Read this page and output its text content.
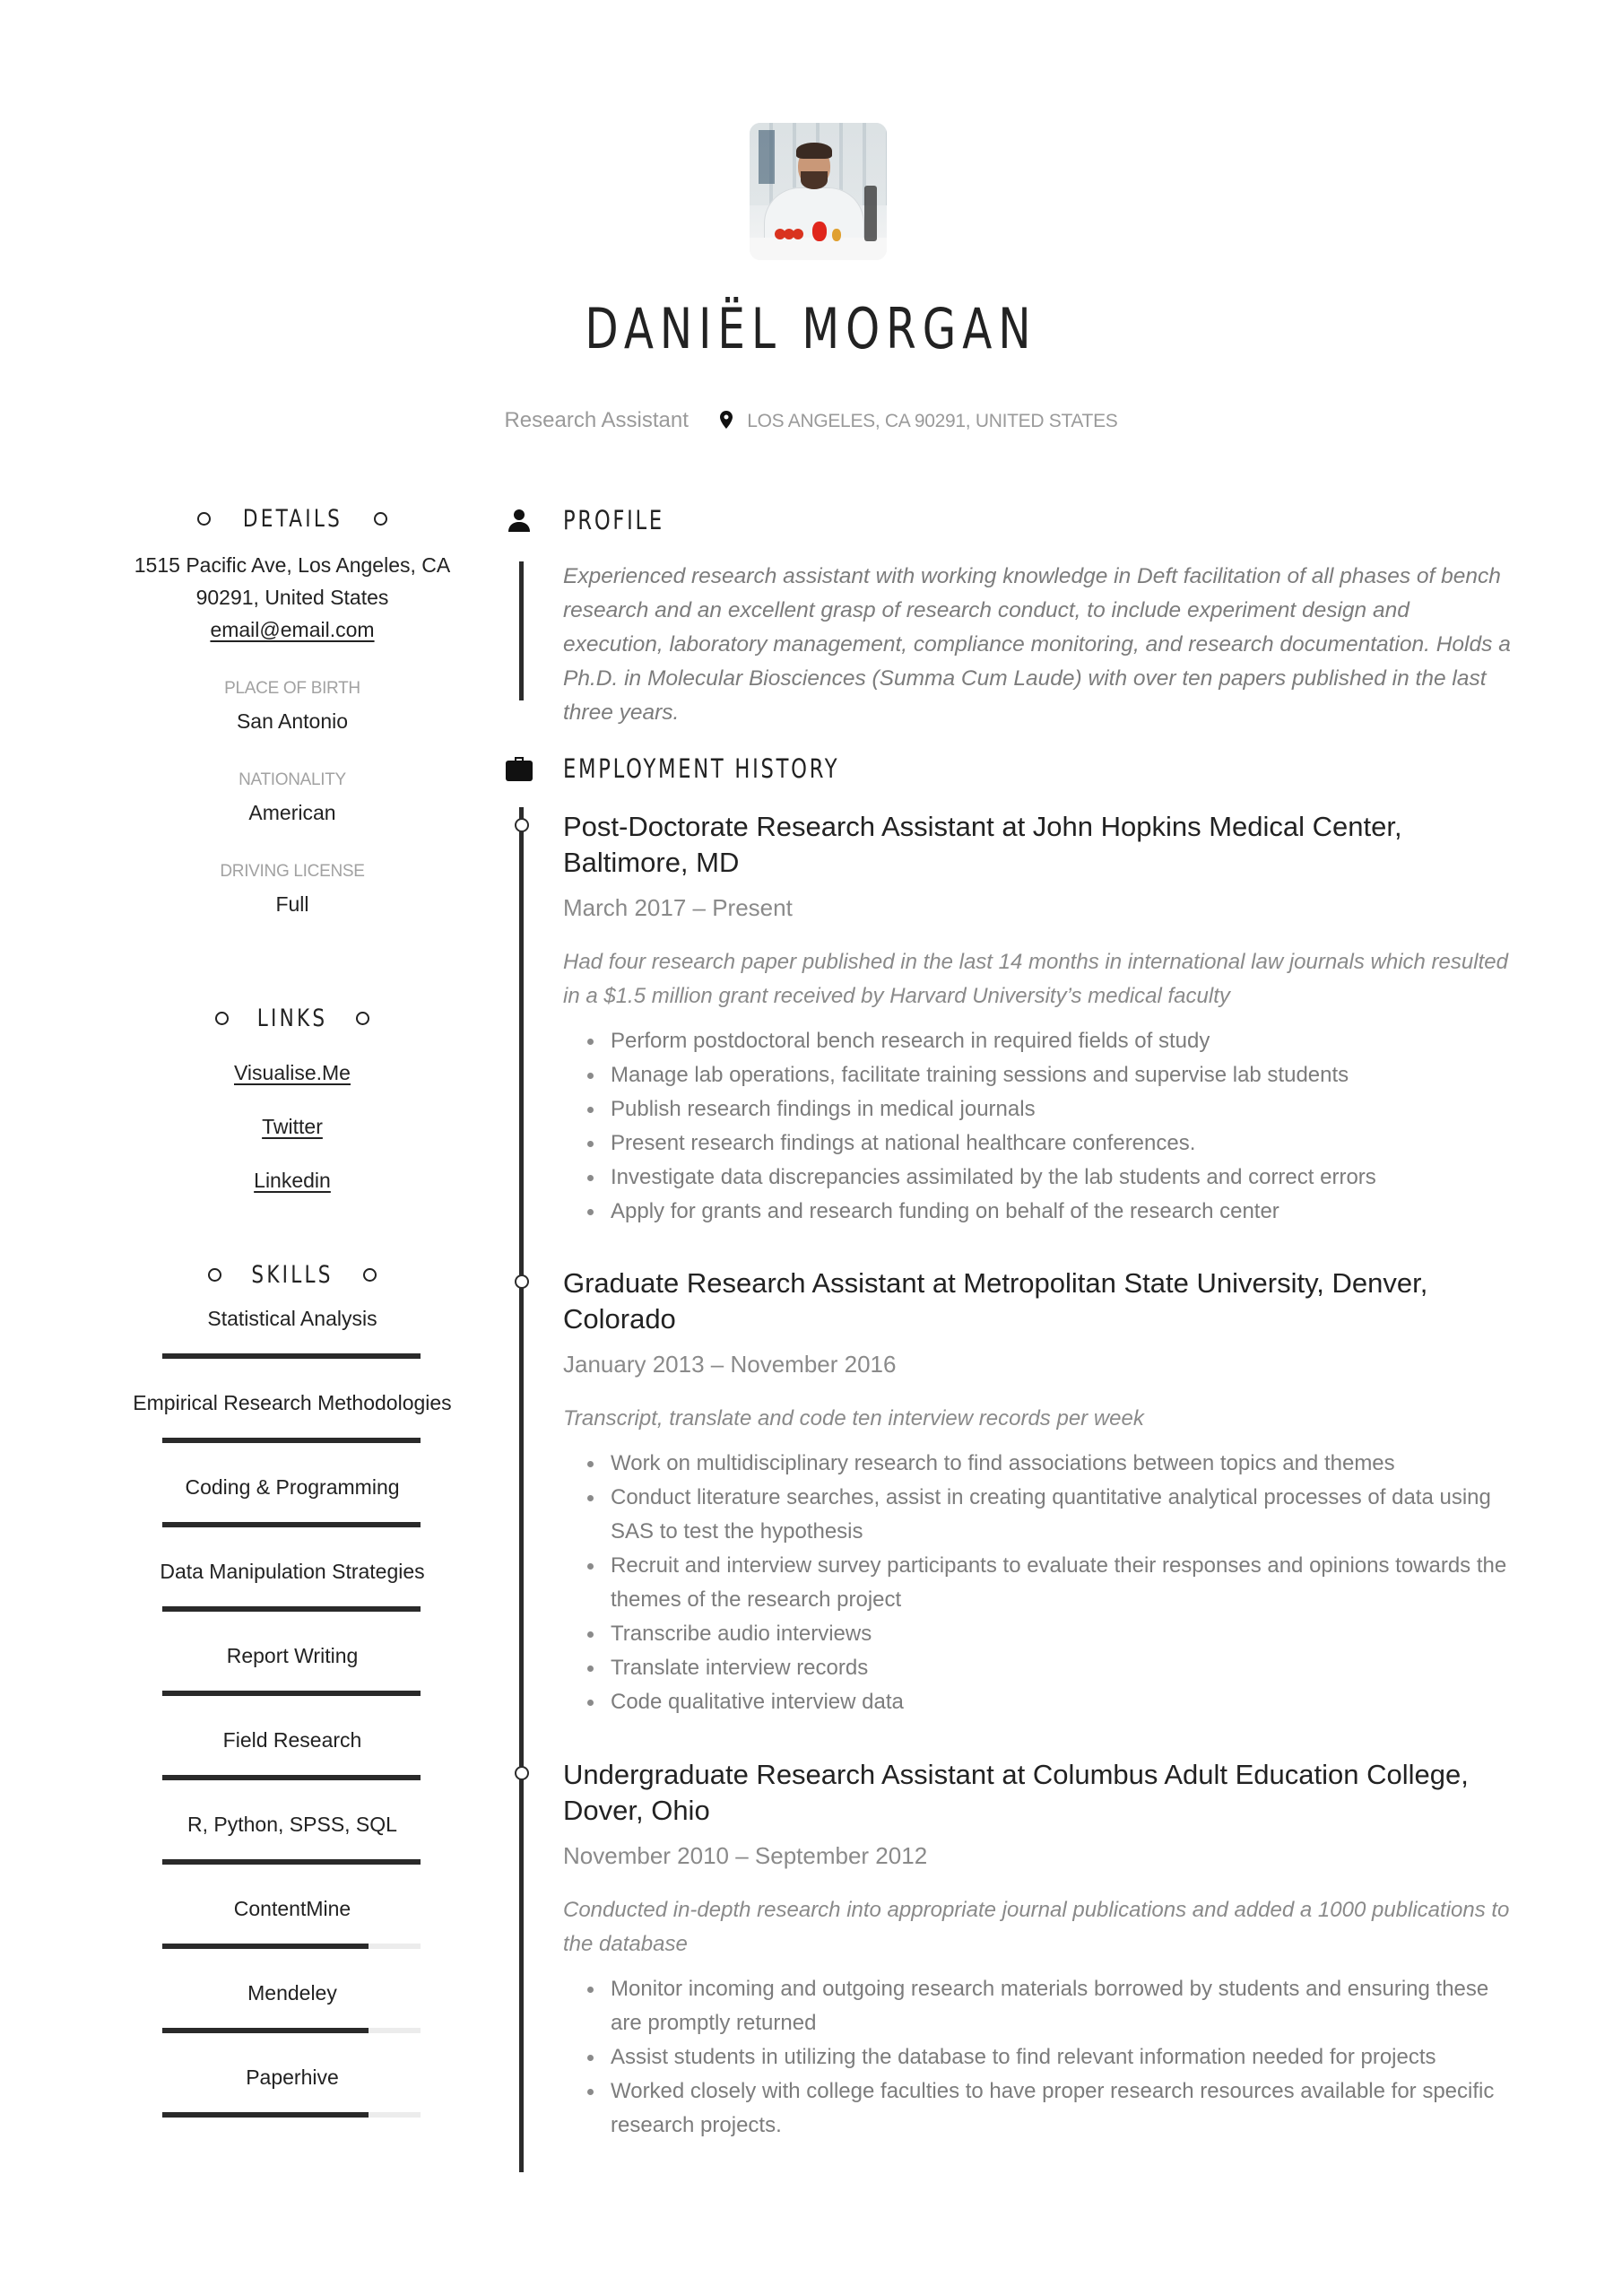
DANIËL MORGAN
Research Assistant	LOS ANGELES, CA 90291, UNITED STATES
DETAILS
1515 Pacific Ave, Los Angeles, CA
90291, United States
email@email.com
PLACE OF BIRTH
San Antonio
NATIONALITY
American
DRIVING LICENSE
Full
LINKS
Visualise.Me
Twitter
Linkedin
SKILLS
Statistical Analysis
Empirical Research Methodologies
Coding & Programming
Data Manipulation Strategies
Report Writing
Field Research
R, Python, SPSS, SQL
ContentMine
Mendeley
Paperhive
PROFILE
Experienced research assistant with working knowledge in Deft facilitation of all phases of bench research and an excellent grasp of research conduct, to include experiment design and execution, laboratory management, compliance monitoring, and research documentation. Holds a Ph.D. in Molecular Biosciences (Summa Cum Laude) with over ten papers published in the last three years.
EMPLOYMENT HISTORY
Post-Doctorate Research Assistant at John Hopkins Medical Center, Baltimore, MD
March 2017 – Present
Had four research paper published in the last 14 months in international law journals which resulted in a $1.5 million grant received by Harvard University’s medical faculty
Perform postdoctoral bench research in required fields of study
Manage lab operations, facilitate training sessions and supervise lab students
Publish research findings in medical journals
Present research findings at national healthcare conferences.
Investigate data discrepancies assimilated by the lab students and correct errors
Apply for grants and research funding on behalf of the research center
Graduate Research Assistant at Metropolitan State University, Denver, Colorado
January 2013 – November 2016
Transcript, translate and code ten interview records per week
Work on multidisciplinary research to find associations between topics and themes
Conduct literature searches, assist in creating quantitative analytical processes of data using SAS to test the hypothesis
Recruit and interview survey participants to evaluate their responses and opinions towards the themes of the research project
Transcribe audio interviews
Translate interview records
Code qualitative interview data
Undergraduate Research Assistant at Columbus Adult Education College, Dover, Ohio
November 2010 – September 2012
Conducted in-depth research into appropriate journal publications and added a 1000 publications to the database
Monitor incoming and outgoing research materials borrowed by students and ensuring these are promptly returned
Assist students in utilizing the database to find relevant information needed for projects
Worked closely with college faculties to have proper research resources available for specific research projects.
